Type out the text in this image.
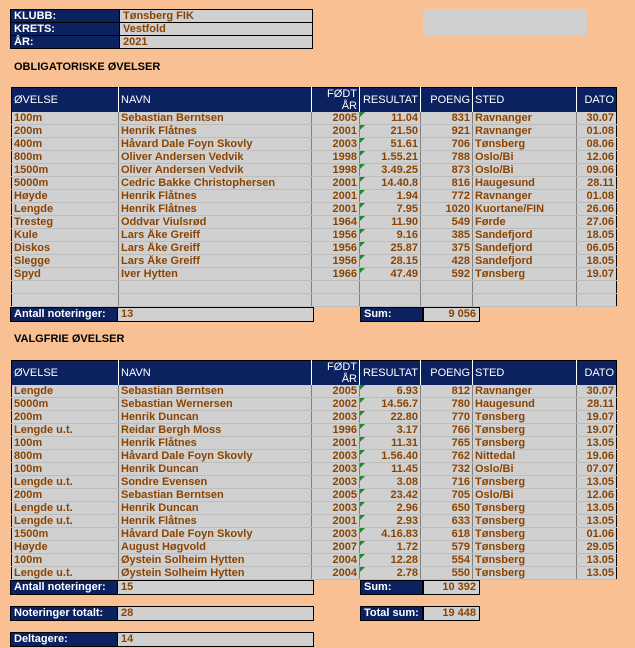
KLUBB:	Tønsberg FIK
KRETS:	Vestfold
ÅR:	2021
OBLIGATORISKE ØVELSER
ØVELSE	NAVN	FØDT ÅR	RESULTAT	POENG	STED	DATO
100m	Sebastian Berntsen	2005	11.04	831	Ravnanger	30.07
200m	Henrik Flåtnes	2001	21.50	921	Ravnanger	01.08
400m	Håvard Dale Foyn Skovly	2003	51.61	706	Tønsberg	08.06
800m	Oliver Andersen Vedvik	1998	1.55.21	788	Oslo/Bi	12.06
1500m	Oliver Andersen Vedvik	1998	3.49.25	873	Oslo/Bi	09.06
5000m	Cedric Bakke Christophersen	2001	14.40.8	816	Haugesund	28.11
Høyde	Henrik Flåtnes	2001	1.94	772	Ravnanger	01.08
Lengde	Henrik Flåtnes	2001	7.95	1020	Kuortane/FIN	26.06
Tresteg	Oddvar Viulsrød	1964	11.90	549	Førde	27.06
Kule	Lars Åke Greiff	1956	9.16	385	Sandefjord	18.05
Diskos	Lars Åke Greiff	1956	25.87	375	Sandefjord	06.05
Slegge	Lars Åke Greiff	1956	28.15	428	Sandefjord	18.05
Spyd	Iver Hytten	1966	47.49	592	Tønsberg	19.07

Antall noteringer:	13	Sum:	9 056
VALGFRIE ØVELSER
ØVELSE	NAVN	FØDT ÅR	RESULTAT	POENG	STED	DATO
Lengde	Sebastian Berntsen	2005	6.93	812	Ravnanger	30.07
5000m	Sebastian Wernersen	2002	14.56.7	780	Haugesund	28.11
200m	Henrik Duncan	2003	22.80	770	Tønsberg	19.07
Lengde u.t.	Reidar Bergh Moss	1996	3.17	766	Tønsberg	19.07
100m	Henrik Flåtnes	2001	11.31	765	Tønsberg	13.05
800m	Håvard Dale Foyn Skovly	2003	1.56.40	762	Nittedal	19.06
100m	Henrik Duncan	2003	11.45	732	Oslo/Bi	07.07
Lengde u.t.	Sondre Evensen	2003	3.08	716	Tønsberg	13.05
200m	Sebastian Berntsen	2005	23.42	705	Oslo/Bi	12.06
Lengde u.t.	Henrik Duncan	2003	2.96	650	Tønsberg	13.05
Lengde u.t.	Henrik Flåtnes	2001	2.93	633	Tønsberg	13.05
1500m	Håvard Dale Foyn Skovly	2003	4.16.83	618	Tønsberg	01.06
Høyde	August Høgvold	2007	1.72	579	Tønsberg	29.05
100m	Øystein Solheim Hytten	2004	12.28	554	Tønsberg	13.05
Lengde u.t.	Øystein Solheim Hytten	2004	2.78	550	Tønsberg	13.05
Antall noteringer:	15	Sum:	10 392
Noteringer totalt:	28	Total sum:	19 448
Deltagere:	14
